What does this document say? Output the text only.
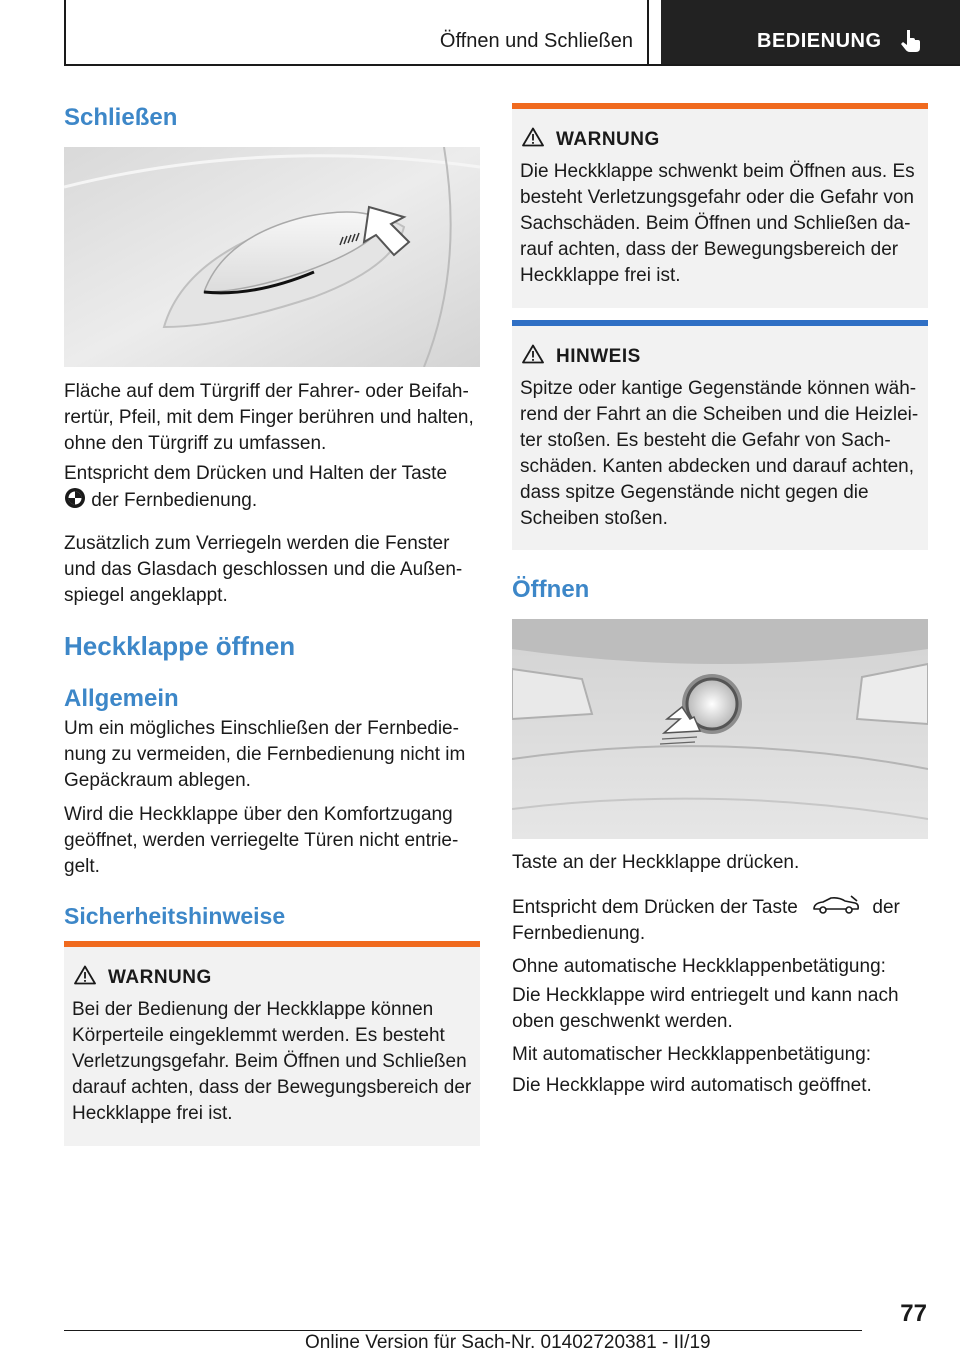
Öffnen und Schließen	BEDIENUNG
Schließen

Fläche auf dem Türgriff der Fahrer- oder Beifahrertür, Pfeil, mit dem Finger berühren und halten, ohne den Türgriff zu umfassen.

Entspricht dem Drücken und Halten der Taste
der Fernbedienung.

Zusätzlich zum Verriegeln werden die Fenster und das Glasdach geschlossen und die Außenspiegel angeklappt.

Heckklappe öffnen
Allgemein

Um ein mögliches Einschließen der Fernbedienung zu vermeiden, die Fernbedienung nicht im Gepäckraum ablegen.

Wird die Heckklappe über den Komfortzugang geöffnet, werden verriegelte Türen nicht entriegelt.

Sicherheitshinweise
WARNUNG

Bei der Bedienung der Heckklappe können Körperteile eingeklemmt werden. Es besteht Verletzungsgefahr. Beim Öffnen und Schließen darauf achten, dass der Bewegungsbereich der Heckklappe frei ist.

WARNUNG

Die Heckklappe schwenkt beim Öffnen aus. Es besteht Verletzungsgefahr oder die Gefahr von Sachschäden. Beim Öffnen und Schließen darauf achten, dass der Bewegungsbereich der Heckklappe frei ist.

HINWEIS

Spitze oder kantige Gegenstände können während der Fahrt an die Scheiben und die Heizleiter stoßen. Es besteht die Gefahr von Sachschäden. Kanten abdecken und darauf achten, dass spitze Gegenstände nicht gegen die Scheiben stoßen.

Öffnen

Taste an der Heckklappe drücken.

Entspricht dem Drücken der Taste	der
Fernbedienung.

Ohne automatische Heckklappenbetätigung:

Die Heckklappe wird entriegelt und kann nach oben geschwenkt werden.

Mit automatischer Heckklappenbetätigung:

Die Heckklappe wird automatisch geöffnet.

77
Online Version für Sach-Nr. 01402720381 - II/19
